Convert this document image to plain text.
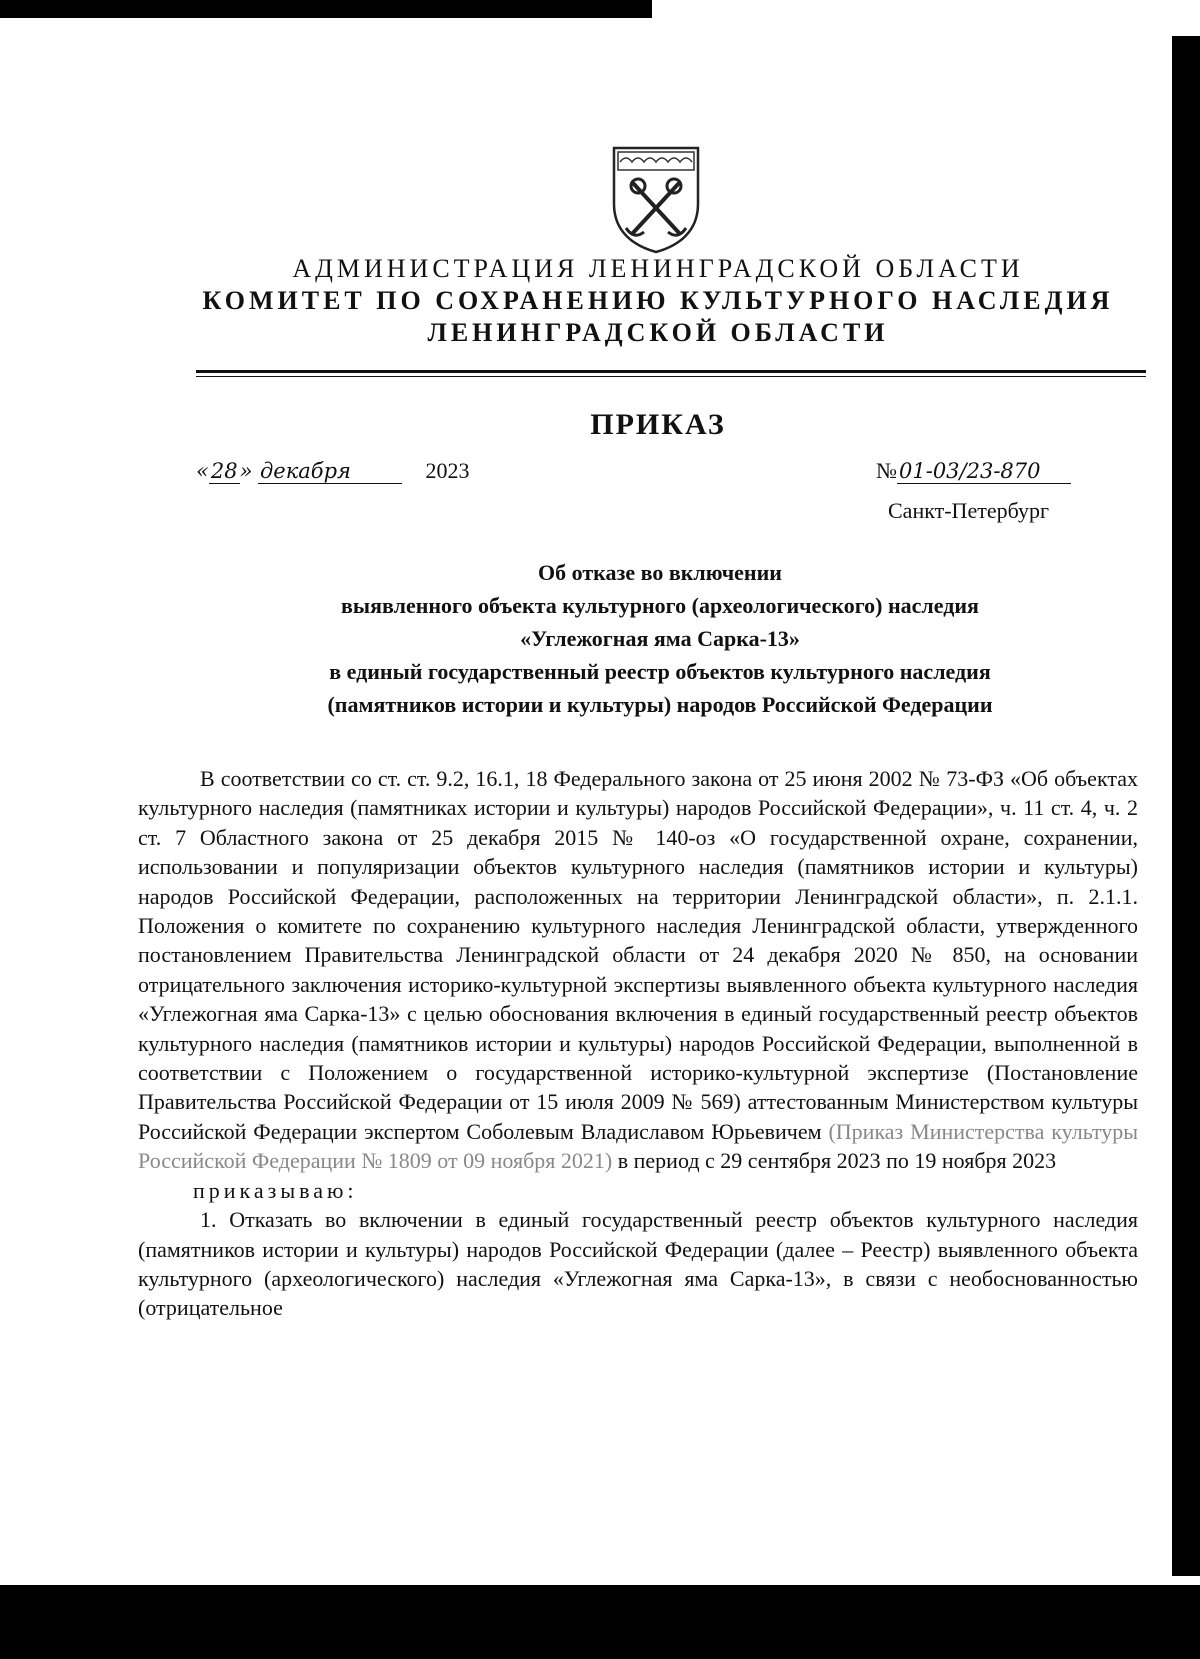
АДМИНИСТРАЦИЯ ЛЕНИНГРАДСКОЙ ОБЛАСТИ
КОМИТЕТ ПО СОХРАНЕНИЮ КУЛЬТУРНОГО НАСЛЕДИЯ
ЛЕНИНГРАДСКОЙ ОБЛАСТИ
ПРИКАЗ
«28» декабря	2023	№01-03/23-870
Санкт-Петербург
Об отказе во включении
выявленного объекта культурного (археологического) наследия
«Углежогная яма Сарка-13»
в единый государственный реестр объектов культурного наследия
(памятников истории и культуры) народов Российской Федерации

В соответствии со ст. ст. 9.2, 16.1, 18 Федерального закона от 25 июня 2002 № 73-ФЗ «Об объектах культурного наследия (памятниках истории и культуры) народов Российской Федерации», ч. 11 ст. 4, ч. 2 ст. 7 Областного закона от 25 декабря 2015 № 140-оз «О государственной охране, сохранении, использовании и популяризации объектов культурного наследия (памятников истории и культуры) народов Российской Федерации, расположенных на территории Ленинградской области», п. 2.1.1. Положения о комитете по сохранению культурного наследия Ленинградской области, утвержденного постановлением Правительства Ленинградской области от 24 декабря 2020 № 850, на основании отрицательного заключения историко-культурной экспертизы выявленного объекта культурного наследия «Углежогная яма Сарка-13» с целью обоснования включения в единый государственный реестр объектов культурного наследия (памятников истории и культуры) народов Российской Федерации, выполненной в соответствии с Положением о государственной историко-культурной экспертизе (Постановление Правительства Российской Федерации от 15 июля 2009 № 569) аттестованным Министерством культуры Российской Федерации экспертом Соболевым Владиславом Юрьевичем (Приказ Министерства культуры Российской Федерации № 1809 от 09 ноября 2021) в период с 29 сентября 2023 по 19 ноября 2023

приказываю:

1. Отказать во включении в единый государственный реестр объектов культурного наследия (памятников истории и культуры) народов Российской Федерации (далее – Реестр) выявленного объекта культурного (археологического) наследия «Углежогная яма Сарка-13», в связи с необоснованностью (отрицательное
